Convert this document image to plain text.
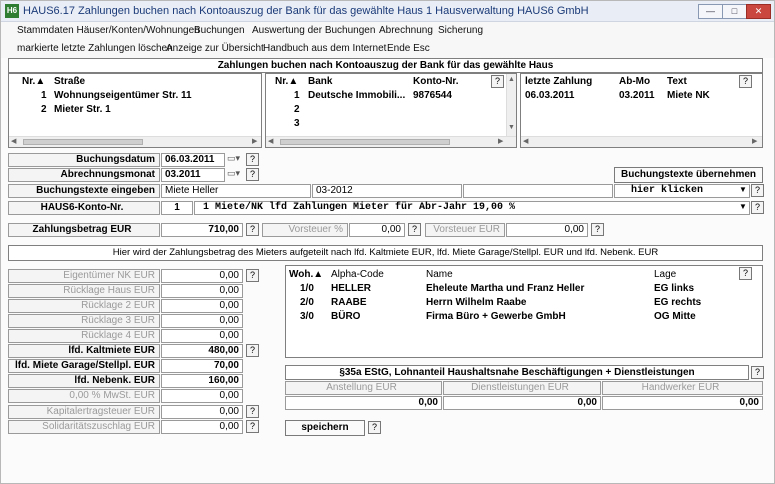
H6 HAUS6.17 Zahlungen buchen nach Kontoauszug der Bank für das gewählte Haus 1 Hausverwaltung HAUS6 GmbH	—	□	✕
Stammdaten Häuser/Konten/Wohnungen
Buchungen Auswertung der Buchungen Abrechnung Sicherung
markierte letzte Zahlungen löschen
Anzeige zur Übersicht Handbuch aus dem Internet Ende Esc
Zahlungen buchen nach Kontoauszug der Bank für das gewählte Haus
Nr.▲ Straße
1 Wohnungseigentümer Str. 11
2 Mieter Str. 1
◀	▶
Nr.▲ Bank	Konto-Nr.	?
1 Deutsche Immobili... 9876544
2
3
▲
▼
◀	▶
letzte Zahlung	Ab-Mo Text	?
06.03.2011	03.2011 Miete NK
◀	▶
Buchungsdatum	06.03.2011	▭▾	?
Abrechnungsmonat	03.2011	▭▾	?	Buchungstexte übernehmen
Buchungstexte eingeben	Miete Heller	03-2012	hier klicken	▼ ?
HAUS6-Konto-Nr.	1	1 Miete/NK lfd Zahlungen Mieter für Abr-Jahr 19,00 %	▼ ?
Zahlungsbetrag EUR	710,00	?	Vorsteuer %	0,00	?	Vorsteuer EUR	0,00	?
Hier wird der Zahlungsbetrag des Mieters aufgeteilt nach lfd. Kaltmiete EUR, lfd. Miete Garage/Stellpl. EUR und lfd. Nebenk. EUR
Eigentümer NK EUR	0,00	?
Rücklage Haus EUR	0,00
Rücklage 2 EUR	0,00
Rücklage 3 EUR	0,00
Rücklage 4 EUR	0,00
lfd. Kaltmiete EUR	480,00	?
lfd. Miete Garage/Stellpl. EUR	70,00
lfd. Nebenk. EUR	160,00
0,00 % MwSt. EUR	0,00
Kapitalertragsteuer EUR	0,00	?
Solidaritätszuschlag EUR	0,00	?
Woh.▲ Alpha-Code	Name	Lage	?
1/0 HELLER	Eheleute Martha und Franz Heller	EG links
2/0 RAABE	Herrn Wilhelm Raabe	EG rechts
3/0 BÜRO	Firma Büro + Gewerbe GmbH	OG Mitte
§35a EStG, Lohnanteil Haushaltsnahe Beschäftigungen + Dienstleistungen	?
Anstellung EUR	Dienstleistungen EUR	Handwerker EUR
0,00	0,00	0,00
speichern	?
